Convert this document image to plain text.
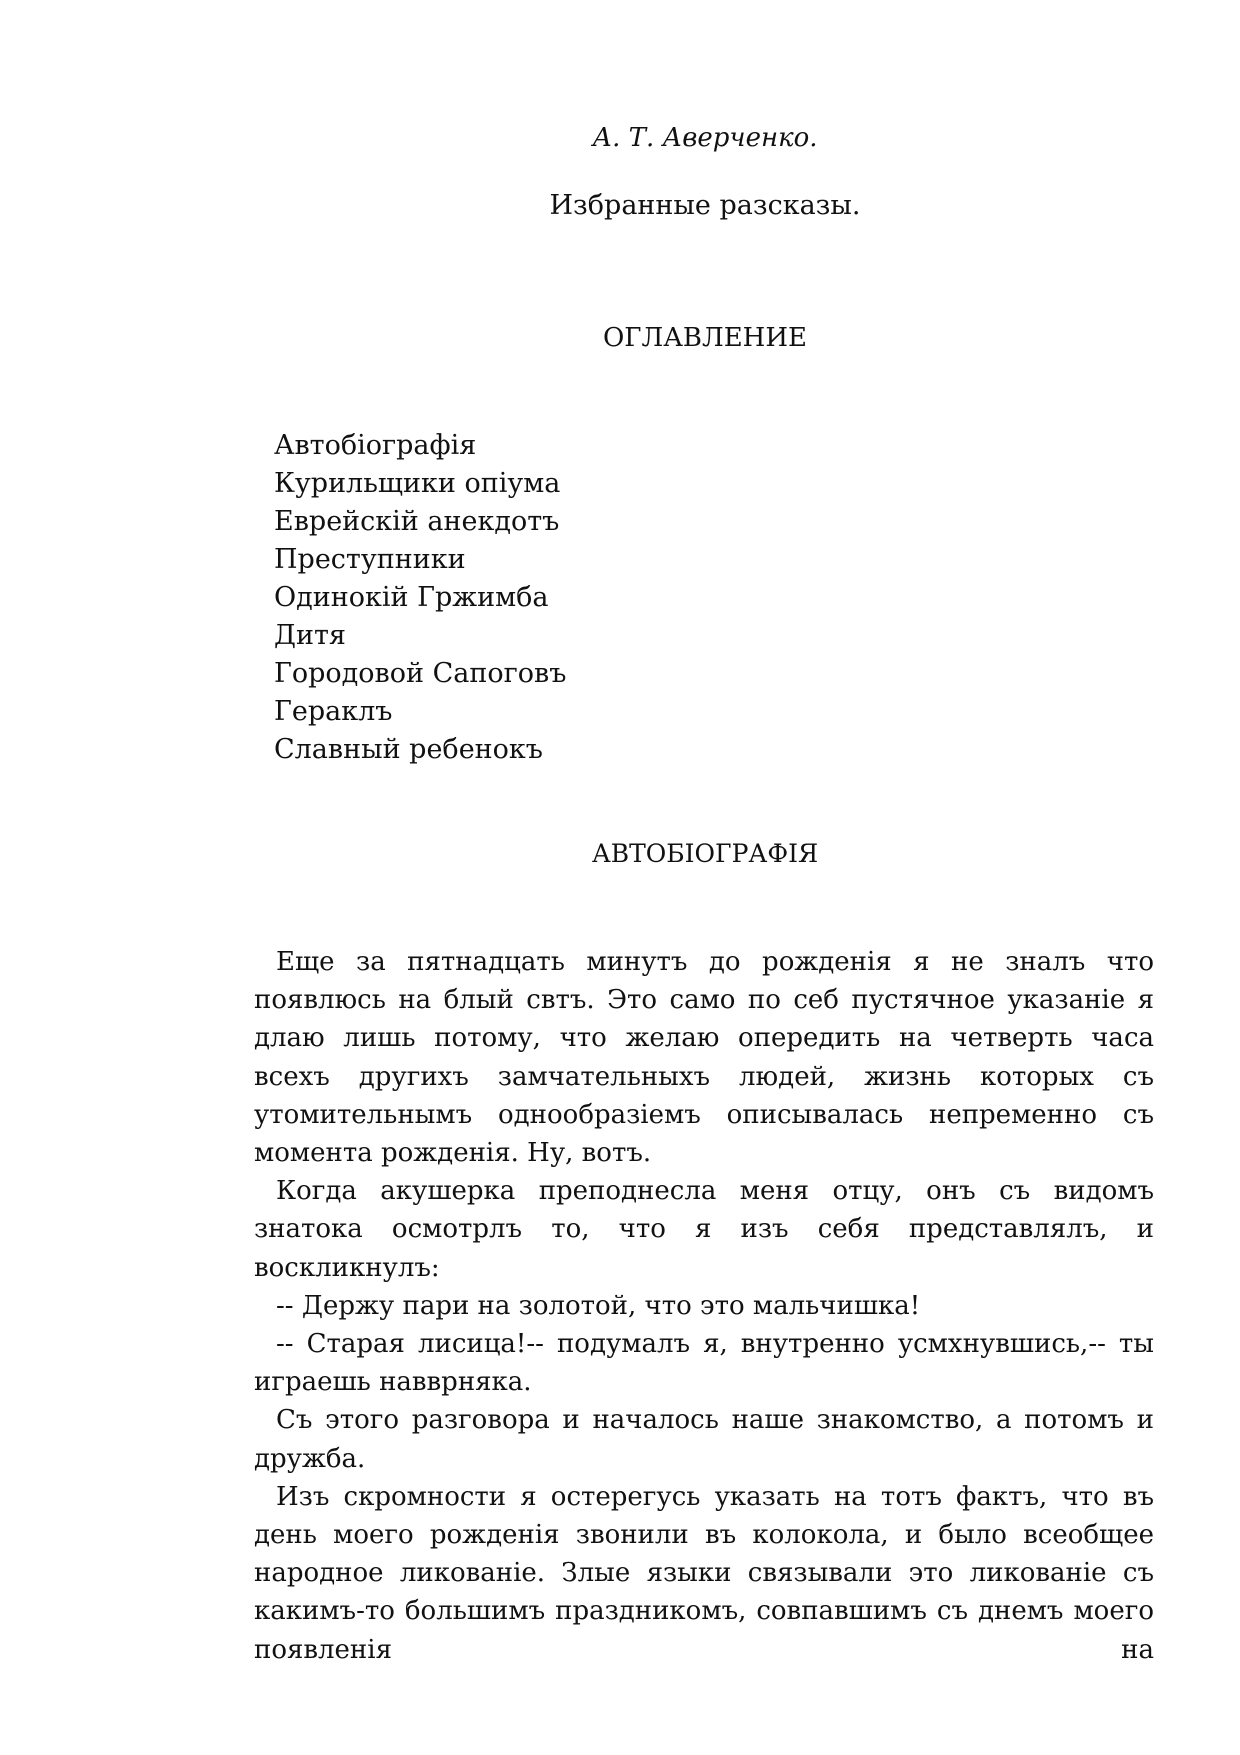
А. Т. Аверченко.
Избранные разсказы.
ОГЛАВЛЕНИЕ
Автобіографія
Курильщики опіума
Еврейскій анекдотъ
Преступники
Одинокій Гржимба
Дитя
Городовой Сапоговъ
Гераклъ
Славный ребенокъ
АВТОБІОГРАФІЯ

Еще за пятнадцать минутъ до рожденія я не зналъ что появлюсь на блый свтъ. Это само по себ пустячное указаніе я длаю лишь потому, что желаю опередить на четверть часа всехъ другихъ замчательныхъ людей, жизнь которых съ утомительнымъ однообразіемъ описывалась непременно съ момента рожденія. Ну, вотъ.

Когда акушерка преподнесла меня отцу, онъ съ видомъ знатока осмотрлъ то, что я изъ себя представлялъ, и воскликнулъ:

-- Держу пари на золотой, что это мальчишка!

-- Старая лисица!-- подумалъ я, внутренно усмхнувшись,-- ты играешь навврняка.

Съ этого разговора и началось наше знакомство, а потомъ и дружба.

Изъ скромности я остерегусь указать на тотъ фактъ, что въ день моего рожденія звонили въ колокола, и было всеобщее народное ликованіе. Злые языки связывали это ликованіе съ какимъ-то большимъ праздникомъ, совпавшимъ съ днемъ моего появленія на
